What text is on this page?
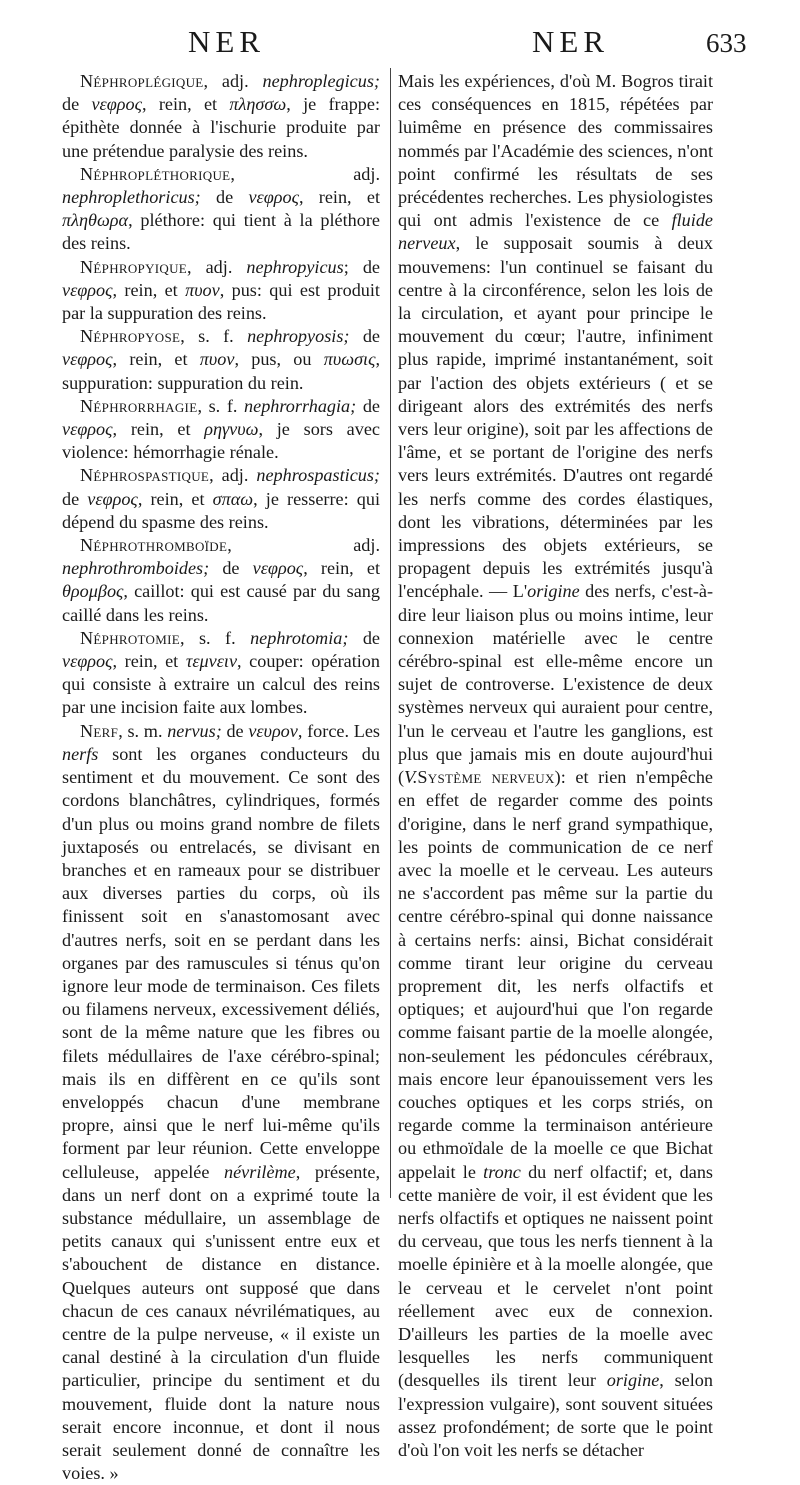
NER	NER	633

Néphroplégique, adj. nephroplegicus; de νεφρος, rein, et πλησσω, je frappe: épithète donnée à l'ischurie produite par une prétendue paralysie des reins.

Néphropléthorique, adj. nephroplethoricus; de νεφρος, rein, et πληθωρα, pléthore: qui tient à la pléthore des reins.

Néphropyique, adj. nephropyicus; de νεφρος, rein, et πυον, pus: qui est produit par la suppuration des reins.

Néphropyose, s. f. nephropyosis; de νεφρος, rein, et πυον, pus, ou πυωσις, suppuration: suppuration du rein.

Néphrorrhagie, s. f. nephrorrhagia; de νεφρος, rein, et ρηγνυω, je sors avec violence: hémorrhagie rénale.

Néphrospastique, adj. nephrospasticus; de νεφρος, rein, et σπαω, je resserre: qui dépend du spasme des reins.

Néphrothromboïde, adj. nephrothromboides; de νεφρος, rein, et θρομβος, caillot: qui est causé par du sang caillé dans les reins.

Néphrotomie, s. f. nephrotomia; de νεφρος, rein, et τεμνειν, couper: opération qui consiste à extraire un calcul des reins par une incision faite aux lombes.

Nerf, s. m. nervus; de νευρον, force. Les nerfs sont les organes conducteurs du sentiment et du mouvement. Ce sont des cordons blanchâtres, cylindriques, formés d'un plus ou moins grand nombre de filets juxtaposés ou entrelacés, se divisant en branches et en rameaux pour se distribuer aux diverses parties du corps, où ils finissent soit en s'anastomosant avec d'autres nerfs, soit en se perdant dans les organes par des ramuscules si ténus qu'on ignore leur mode de terminaison. Ces filets ou filamens nerveux, excessivement déliés, sont de la même nature que les fibres ou filets médullaires de l'axe cérébro-spinal; mais ils en diffèrent en ce qu'ils sont enveloppés chacun d'une membrane propre, ainsi que le nerf lui-même qu'ils forment par leur réunion. Cette enveloppe celluleuse, appelée névrilème, présente, dans un nerf dont on a exprimé toute la substance médullaire, un assemblage de petits canaux qui s'unissent entre eux et s'abouchent de distance en distance. Quelques auteurs ont supposé que dans chacun de ces canaux névrilématiques, au centre de la pulpe nerveuse, « il existe un canal destiné à la circulation d'un fluide particulier, principe du sentiment et du mouvement, fluide dont la nature nous serait encore inconnue, et dont il nous serait seulement donné de connaître les voies. »

Mais les expériences, d'où M. Bogros tirait ces conséquences en 1815, répétées par luimême en présence des commissaires nommés par l'Académie des sciences, n'ont point confirmé les résultats de ses précédentes recherches. Les physiologistes qui ont admis l'existence de ce fluide nerveux, le supposait soumis à deux mouvemens: l'un continuel se faisant du centre à la circonférence, selon les lois de la circulation, et ayant pour principe le mouvement du cœur; l'autre, infiniment plus rapide, imprimé instantanément, soit par l'action des objets extérieurs ( et se dirigeant alors des extrémités des nerfs vers leur origine), soit par les affections de l'âme, et se portant de l'origine des nerfs vers leurs extrémités. D'autres ont regardé les nerfs comme des cordes élastiques, dont les vibrations, déterminées par les impressions des objets extérieurs, se propagent depuis les extrémités jusqu'à l'encéphale. — L'origine des nerfs, c'est-à-dire leur liaison plus ou moins intime, leur connexion matérielle avec le centre cérébro-spinal est elle-même encore un sujet de controverse. L'existence de deux systèmes nerveux qui auraient pour centre, l'un le cerveau et l'autre les ganglions, est plus que jamais mis en doute aujourd'hui (V.Système nerveux): et rien n'empêche en effet de regarder comme des points d'origine, dans le nerf grand sympathique, les points de communication de ce nerf avec la moelle et le cerveau. Les auteurs ne s'accordent pas même sur la partie du centre cérébro-spinal qui donne naissance à certains nerfs: ainsi, Bichat considérait comme tirant leur origine du cerveau proprement dit, les nerfs olfactifs et optiques; et aujourd'hui que l'on regarde comme faisant partie de la moelle alongée, non-seulement les pédoncules cérébraux, mais encore leur épanouissement vers les couches optiques et les corps striés, on regarde comme la terminaison antérieure ou ethmoïdale de la moelle ce que Bichat appelait le tronc du nerf olfactif; et, dans cette manière de voir, il est évident que les nerfs olfactifs et optiques ne naissent point du cerveau, que tous les nerfs tiennent à la moelle épinière et à la moelle alongée, que le cerveau et le cervelet n'ont point réellement avec eux de connexion. D'ailleurs les parties de la moelle avec lesquelles les nerfs communiquent (desquelles ils tirent leur origine, selon l'expression vulgaire), sont souvent situées assez profondément; de sorte que le point d'où l'on voit les nerfs se détacher
